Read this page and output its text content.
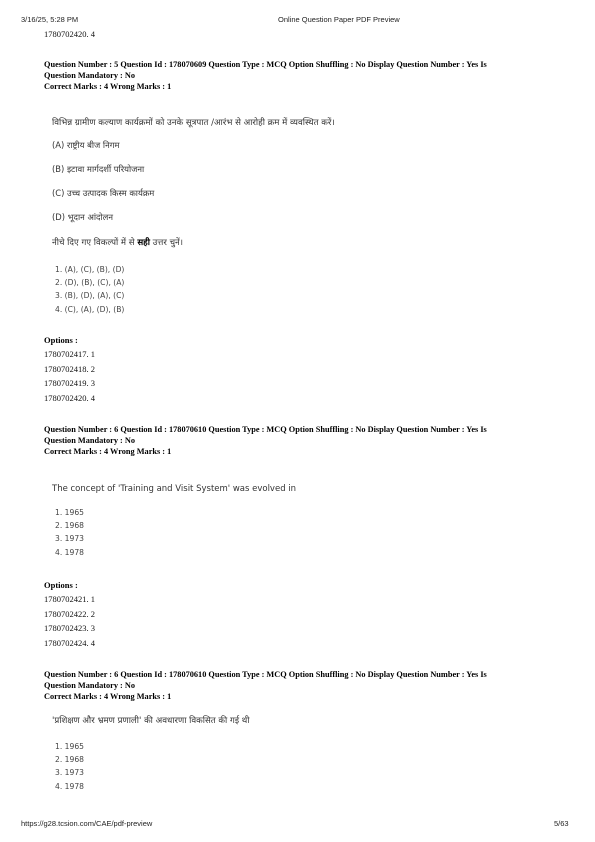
3/16/25, 5:28 PM	Online Question Paper PDF Preview
1780702420. 4
Question Number : 5 Question Id : 178070609 Question Type : MCQ Option Shuffling : No Display Question Number : Yes Is
Question Mandatory : No
Correct Marks : 4 Wrong Marks : 1
विभिन्न ग्रामीण कल्याण कार्यक्रमों को उनके सूत्रपात /आरंभ से आरोही क्रम में व्यवस्थित करें।
(A) राष्ट्रीय बीज निगम
(B) इटावा मार्गदर्शी परियोजना
(C) उच्च उत्पादक किस्म कार्यक्रम
(D) भूदान आंदोलन
नीचे दिए गए विकल्पों में से सही उत्तर चुनें।
1. (A), (C), (B), (D)
2. (D), (B), (C), (A)
3. (B), (D), (A), (C)
4. (C), (A), (D), (B)
Options :
1780702417. 1
1780702418. 2
1780702419. 3
1780702420. 4
Question Number : 6 Question Id : 178070610 Question Type : MCQ Option Shuffling : No Display Question Number : Yes Is
Question Mandatory : No
Correct Marks : 4 Wrong Marks : 1
The concept of 'Training and Visit System' was evolved in
1. 1965
2. 1968
3. 1973
4. 1978
Options :
1780702421. 1
1780702422. 2
1780702423. 3
1780702424. 4
Question Number : 6 Question Id : 178070610 Question Type : MCQ Option Shuffling : No Display Question Number : Yes Is
Question Mandatory : No
Correct Marks : 4 Wrong Marks : 1
'प्रशिक्षण और भ्रमण प्रणाली' की अवधारणा विकसित की गई थी
1. 1965
2. 1968
3. 1973
4. 1978
https://g28.tcsion.com/CAE/pdf-preview	5/63
